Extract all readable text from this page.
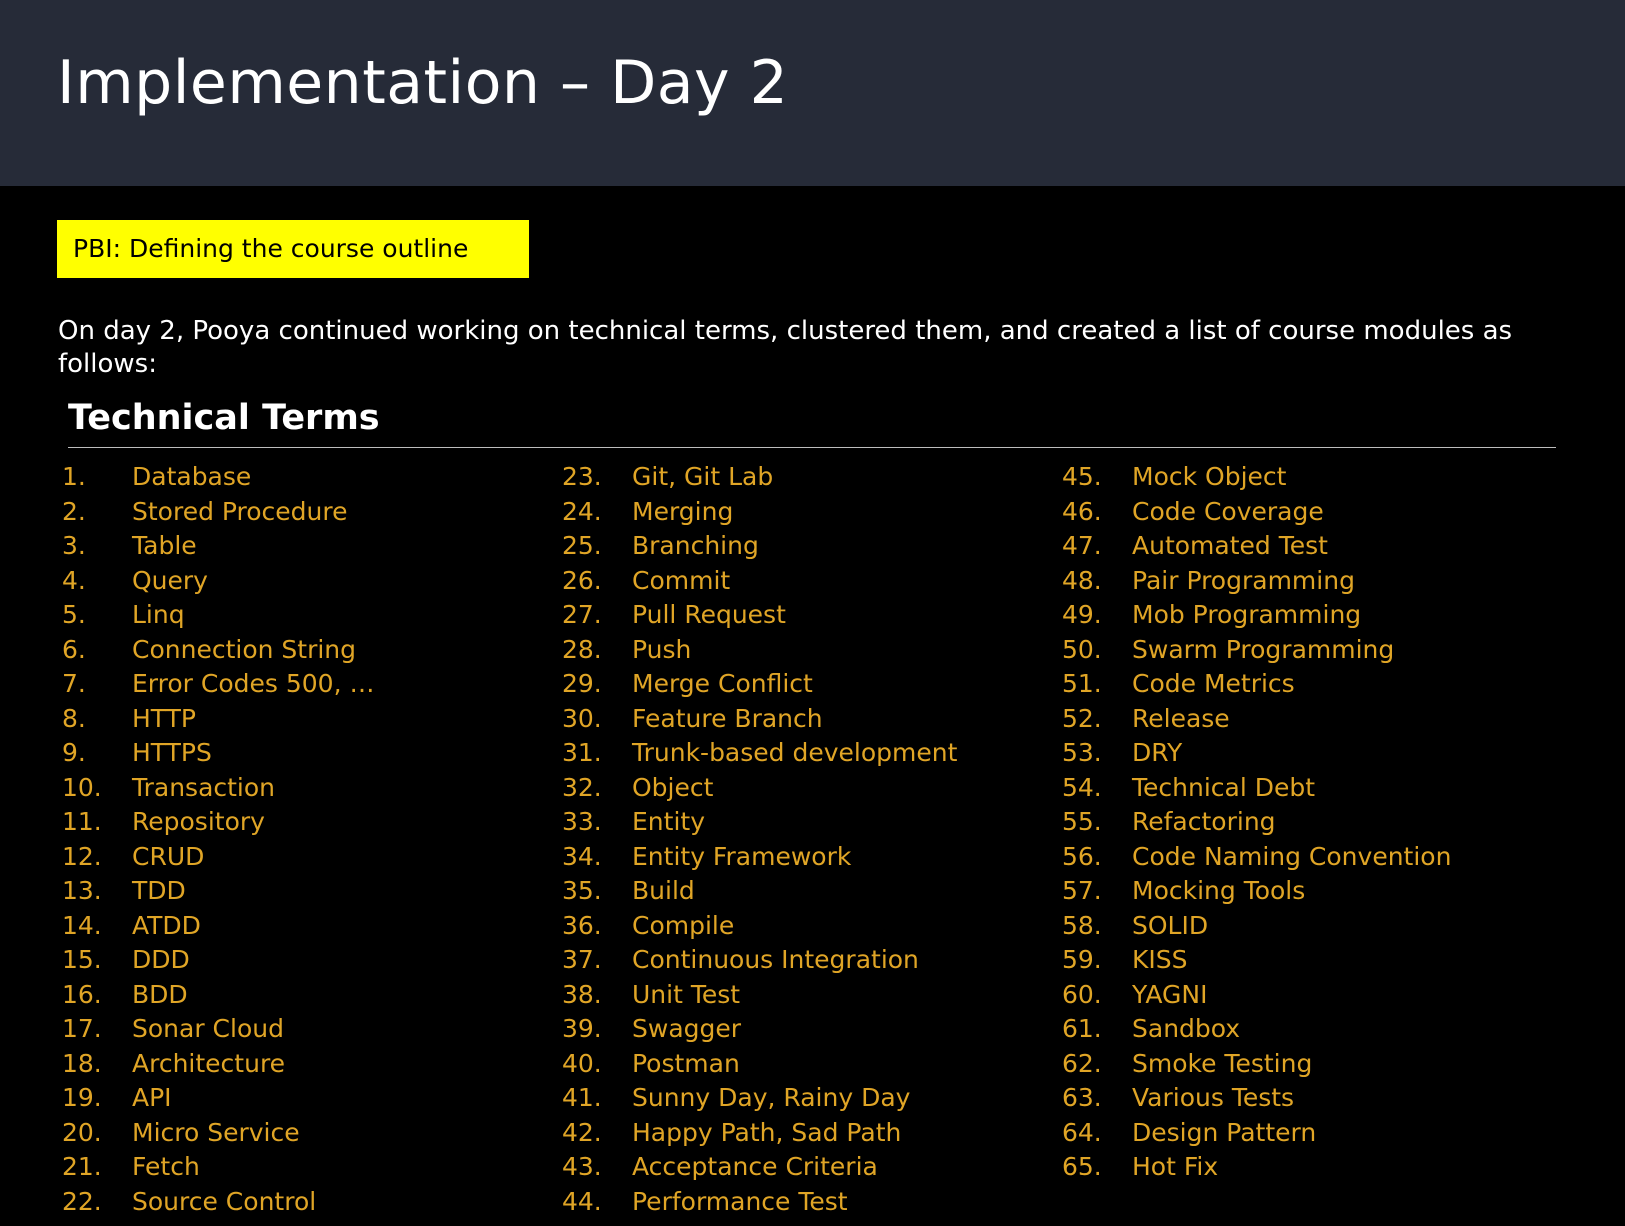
Implementation – Day 2
PBI: Defining the course outline
On day 2, Pooya continued working on technical terms, clustered them, and created a list of course modules as follows:
Technical Terms
1.	Database
2.	Stored Procedure
3.	Table
4.	Query
5.	Linq
6.	Connection String
7.	Error Codes 500, …
8.	HTTP
9.	HTTPS
10.	Transaction
11.	Repository
12.	CRUD
13.	TDD
14.	ATDD
15.	DDD
16.	BDD
17.	Sonar Cloud
18.	Architecture
19.	API
20.	Micro Service
21.	Fetch
22.	Source Control
23.	Git, Git Lab
24.	Merging
25.	Branching
26.	Commit
27.	Pull Request
28.	Push
29.	Merge Conflict
30.	Feature Branch
31.	Trunk-based development
32.	Object
33.	Entity
34.	Entity Framework
35.	Build
36.	Compile
37.	Continuous Integration
38.	Unit Test
39.	Swagger
40.	Postman
41.	Sunny Day, Rainy Day
42.	Happy Path, Sad Path
43.	Acceptance Criteria
44.	Performance Test
45.	Mock Object
46.	Code Coverage
47.	Automated Test
48.	Pair Programming
49.	Mob Programming
50.	Swarm Programming
51.	Code Metrics
52.	Release
53.	DRY
54.	Technical Debt
55.	Refactoring
56.	Code Naming Convention
57.	Mocking Tools
58.	SOLID
59.	KISS
60.	YAGNI
61.	Sandbox
62.	Smoke Testing
63.	Various Tests
64.	Design Pattern
65.	Hot Fix
